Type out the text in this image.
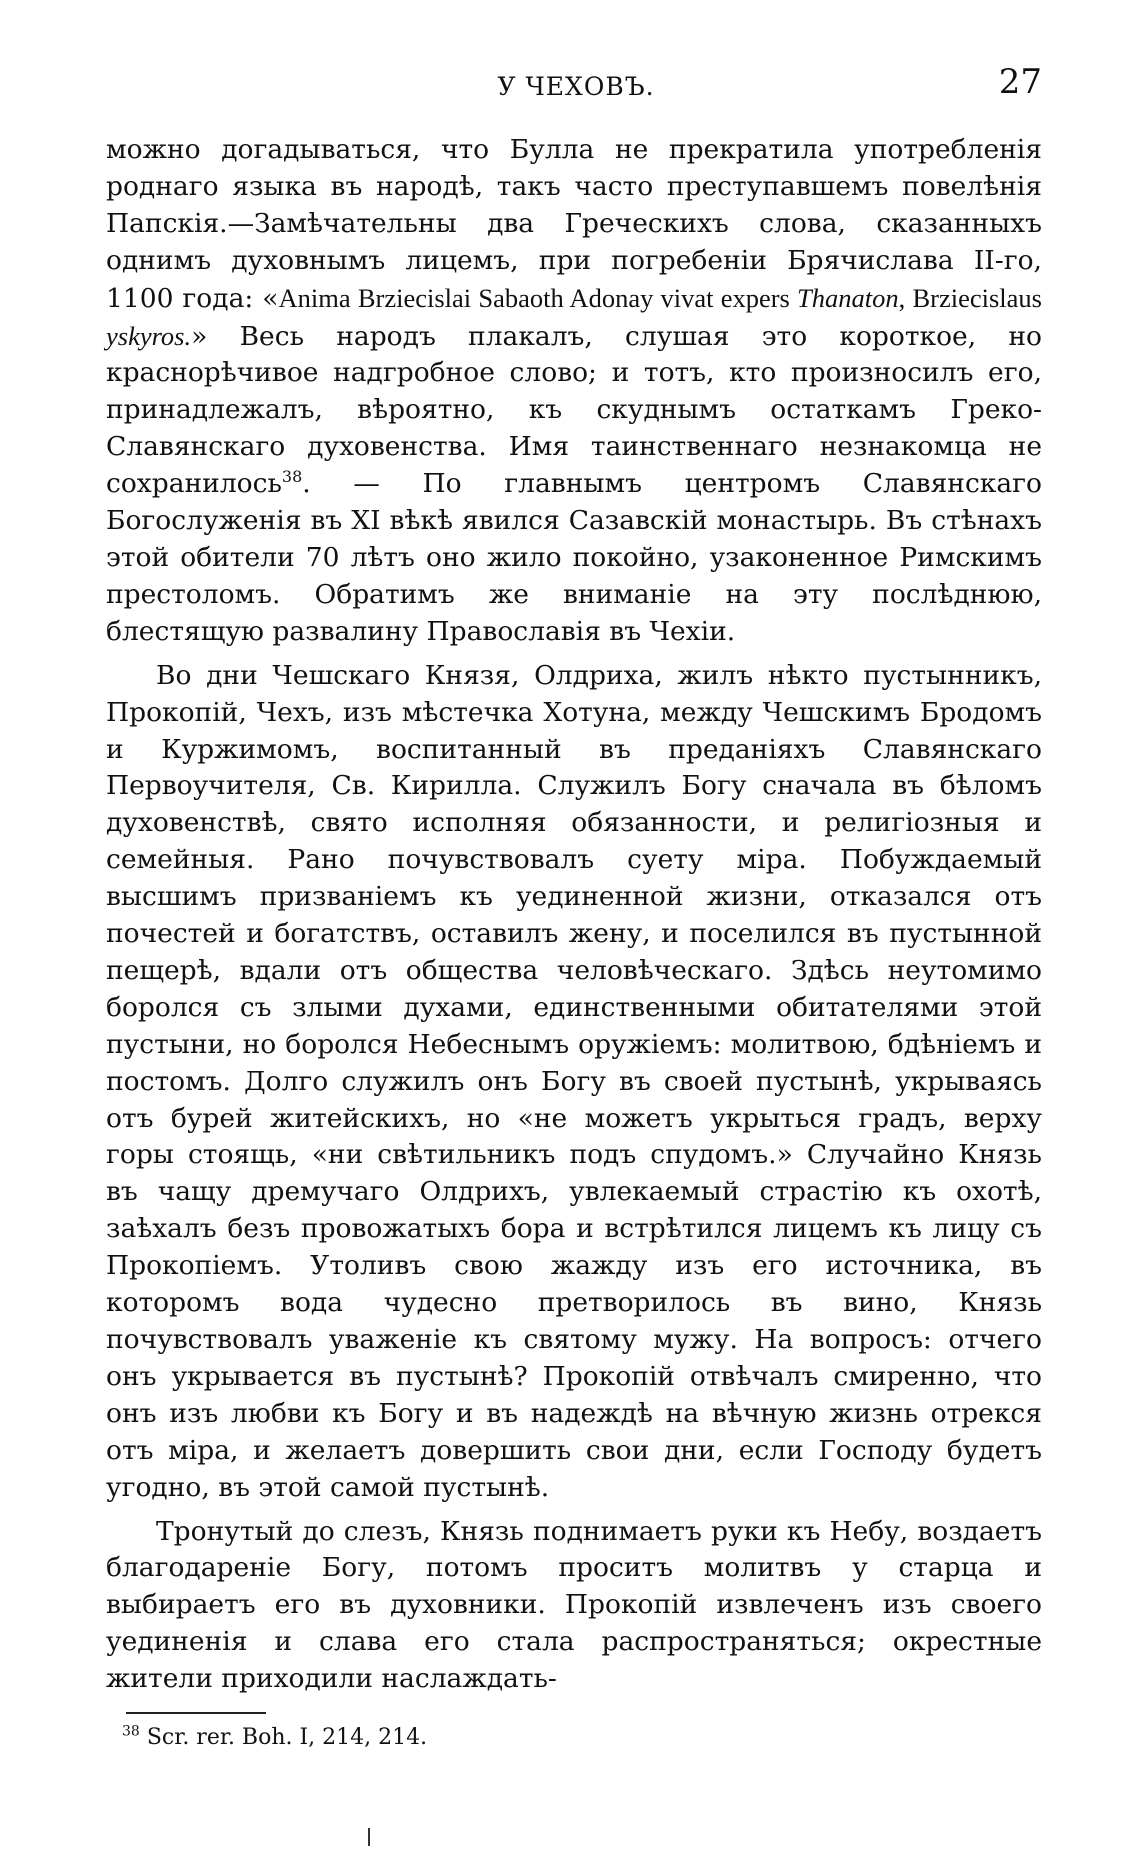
У ЧЕХОВЪ.	27

можно догадываться, что Булла не прекратила употребленія роднаго языка въ народѣ, такъ часто преступавшемъ повелѣнія Папскія.—Замѣчательны два Греческихъ слова, сказанныхъ однимъ духовнымъ лицемъ, при погребеніи Брячислава II-го, 1100 года: «Anima Brziecislai Sabaoth Adonay vivat expers Thanaton, Brziecislaus yskyros.» Весь народъ плакалъ, слушая это короткое, но краснорѣчивое надгробное слово; и тотъ, кто произносилъ его, принадлежалъ, вѣроятно, къ скуднымъ остаткамъ Греко-Славянскаго духовенства. Имя таинственнаго незнакомца не сохранилось$^{38}$. — По главнымъ центромъ Славянскаго Богослуженія въ XI вѣкѣ явился Сазавскій монастырь. Въ стѣнахъ этой обители 70 лѣтъ оно жило покойно, узаконенное Римскимъ престоломъ. Обратимъ же вниманіе на эту послѣднюю, блестящую развалину Православія въ Чехіи.

Во дни Чешскаго Князя, Олдриха, жилъ нѣкто пустынникъ, Прокопій, Чехъ, изъ мѣстечка Хотуна, между Чешскимъ Бродомъ и Куржимомъ, воспитанный въ преданіяхъ Славянскаго Первоучителя, Св. Кирилла. Служилъ Богу сначала въ бѣломъ духовенствѣ, свято исполняя обязанности, и религіозныя и семейныя. Рано почувствовалъ суету міра. Побуждаемый высшимъ призваніемъ къ уединенной жизни, отказался отъ почестей и богатствъ, оставилъ жену, и поселился въ пустынной пещерѣ, вдали отъ общества человѣческаго. Здѣсь неутомимо боролся съ злыми духами, единственными обитателями этой пустыни, но боролся Небеснымъ оружіемъ: молитвою, бдѣніемъ и постомъ. Долго служилъ онъ Богу въ своей пустынѣ, укрываясь отъ бурей житейскихъ, но «не можетъ укрыться градъ, верху горы стоящь, «ни свѣтильникъ подъ спудомъ.» Случайно Князь въ чащу дремучаго Олдрихъ, увлекаемый страстію къ охотѣ, заѣхалъ безъ провожатыхъ бора и встрѣтился лицемъ къ лицу съ Прокопіемъ. Утоливъ свою жажду изъ его источника, въ которомъ вода чудесно претворилось въ вино, Князь почувствовалъ уваженіе къ святому мужу. На вопросъ: отчего онъ укрывается въ пустынѣ? Прокопій отвѣчалъ смиренно, что онъ изъ любви къ Богу и въ надеждѣ на вѣчную жизнь отрекся отъ міра, и желаетъ довершить свои дни, если Господу будетъ угодно, въ этой самой пустынѣ.

Тронутый до слезъ, Князь поднимаетъ руки къ Небу, воздаетъ благодареніе Богу, потомъ проситъ молитвъ у старца и выбираетъ его въ духовники. Прокопій извлеченъ изъ своего уединенія и слава его стала распространяться; окрестные жители приходили наслаждать-

$^{38}$ Scr. rer. Boh. I, 214, 214.
